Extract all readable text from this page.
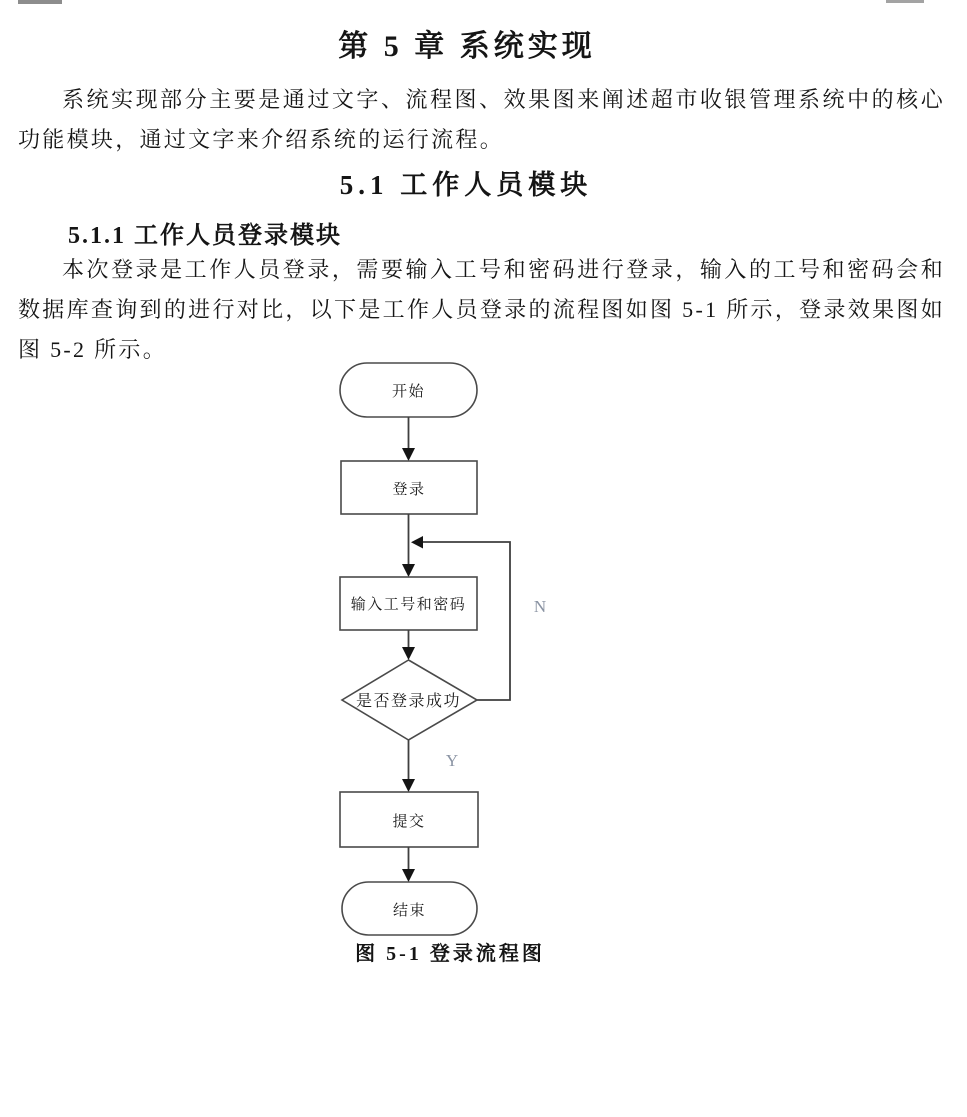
第 5 章 系统实现

系统实现部分主要是通过文字、流程图、效果图来阐述超市收银管理系统中的核心功能模块，通过文字来介绍系统的运行流程。

5.1 工作人员模块
5.1.1 工作人员登录模块

本次登录是工作人员登录，需要输入工号和密码进行登录，输入的工号和密码会和数据库查询到的进行对比，以下是工作人员登录的流程图如图 5-1 所示，登录效果图如图 5-2 所示。

开始
登录
输入工号和密码
是否登录成功
N
Y
提交
结束
图 5-1 登录流程图
